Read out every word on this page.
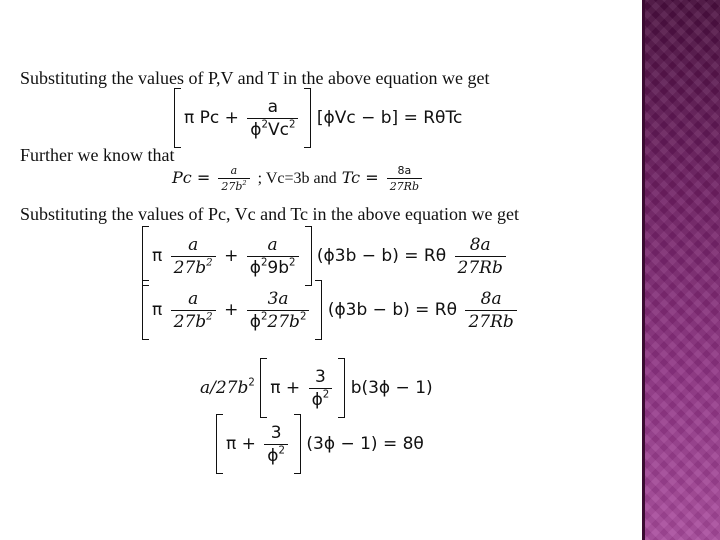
Substituting the values of P,V and T in the above equation we get
π $Pc + \frac{a}{\phi^2Vc^2} [\phi Vc - b] = R\theta Tc$
Further we know that
$Pc = \frac{a}{27b^2}$ ; Vc=3b and $Tc = \frac{8a}{27Rb}$
Substituting the values of Pc, Vc and Tc in the above equation we get
π $\frac{a}{27b^2} + \frac{a}{\phi^29b^2} (\phi 3b - b) = R\theta \frac{8a}{27Rb}$
π $\frac{a}{27b^2} + \frac{3a}{\phi^227b^2} (\phi 3b - b) = R\theta \frac{8a}{27Rb}$
$a/27b^2$ $\pi + \frac{3}{\phi^2} b(3\phi - 1)$
$\pi + \frac{3}{\phi^2} (3\phi - 1) = 8\theta$
